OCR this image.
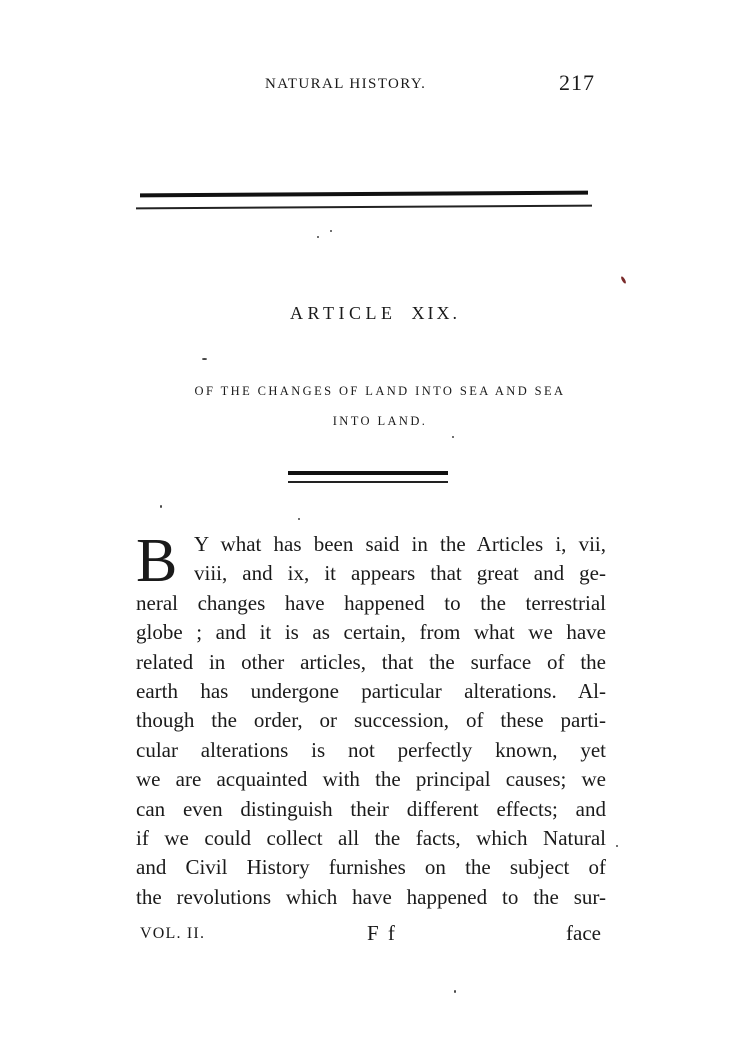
NATURAL HISTORY.	217
ARTICLE XIX.
OF THE CHANGES OF LAND INTO SEA AND SEA
INTO LAND.
B Y what has been said in the Articles i, vii,
viii, and ix, it appears that great and ge-
neral changes have happened to the terrestrial
globe ; and it is as certain, from what we have
related in other articles, that the surface of the
earth has undergone particular alterations. Al-
though the order, or succession, of these parti-
cular alterations is not perfectly known, yet
we are acquainted with the principal causes; we
can even distinguish their different effects; and
if we could collect all the facts, which Natural
and Civil History furnishes on the subject of
the revolutions which have happened to the sur-
VOL. II.	F f	face
